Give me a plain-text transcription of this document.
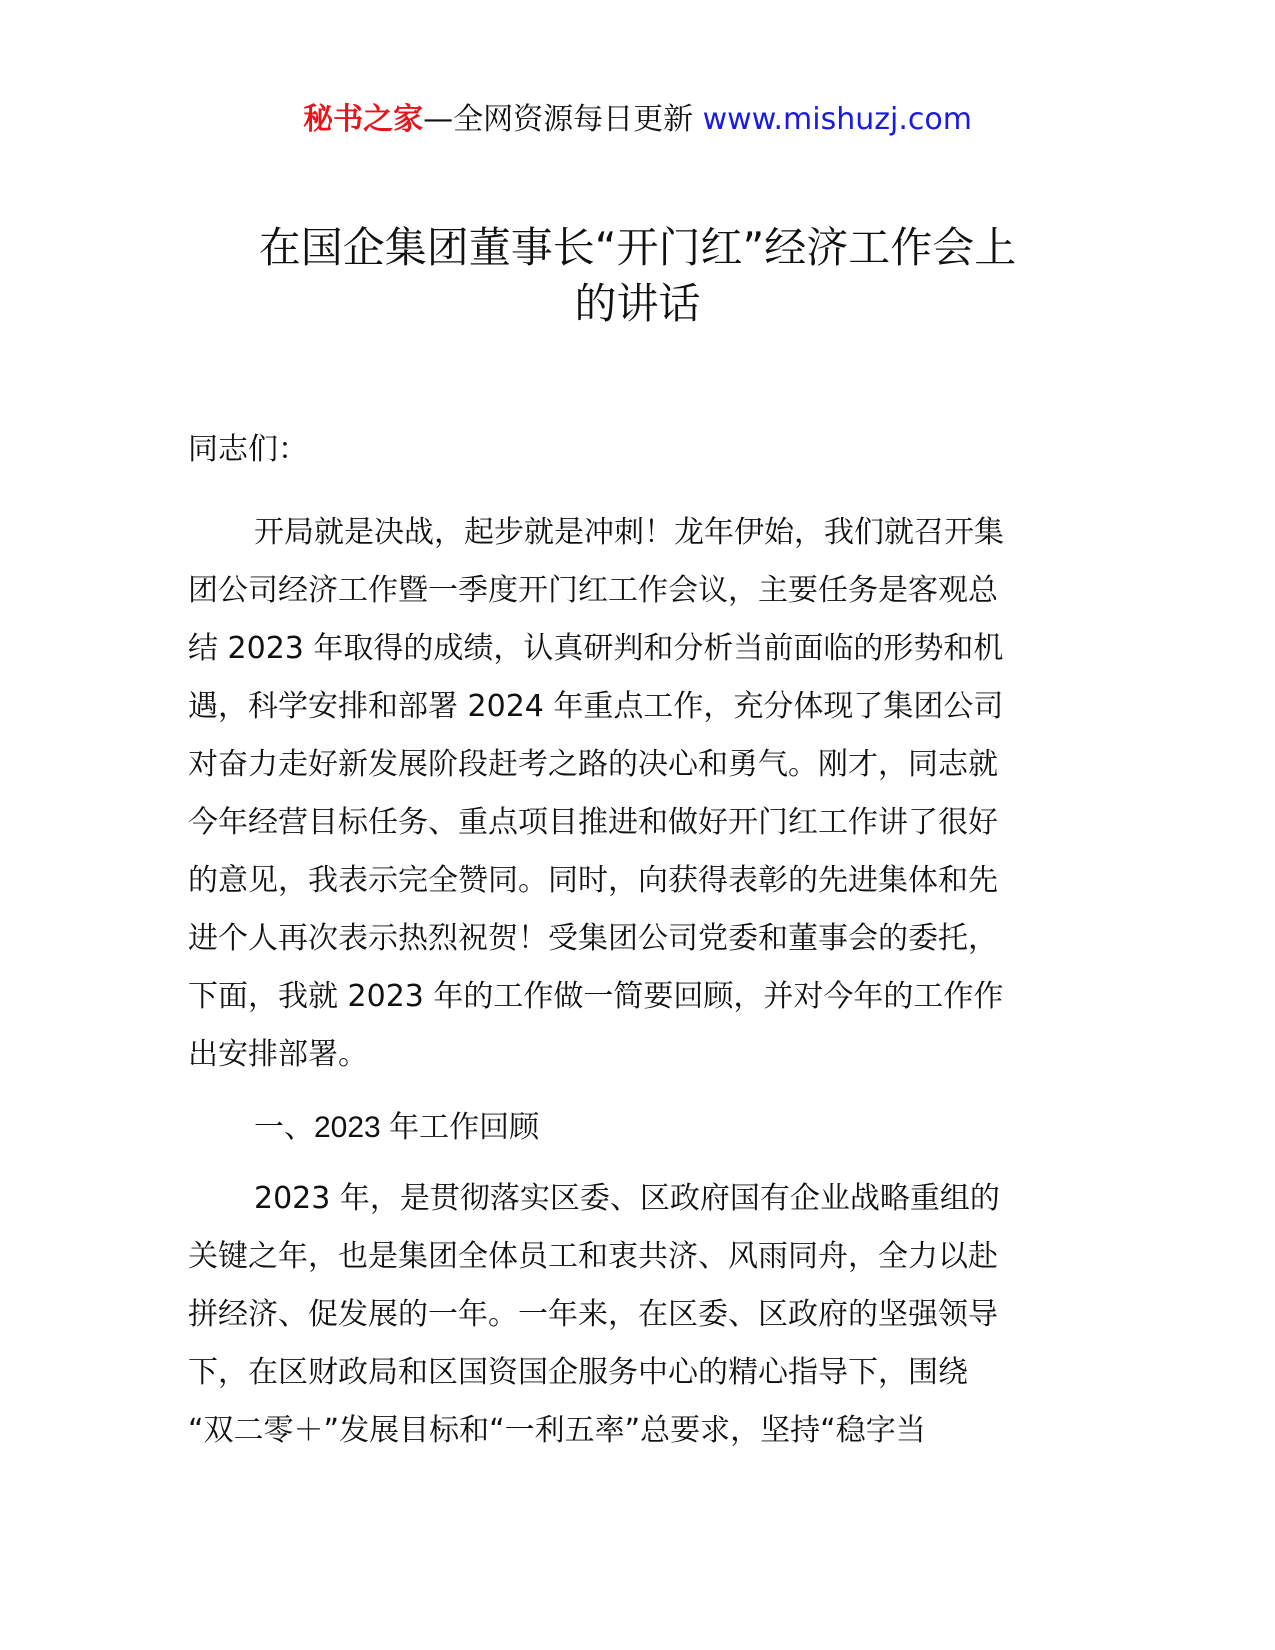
秘书之家—全网资源每日更新 www.mishuzj.com
在国企集团董事长“开门红”经济工作会上
的讲话
同志们：
开局就是决战，起步就是冲刺！龙年伊始，我们就召开集
团公司经济工作暨一季度开门红工作会议，主要任务是客观总
结 2023 年取得的成绩，认真研判和分析当前面临的形势和机
遇，科学安排和部署 2024 年重点工作，充分体现了集团公司
对奋力走好新发展阶段赶考之路的决心和勇气。刚才，同志就
今年经营目标任务、重点项目推进和做好开门红工作讲了很好
的意见，我表示完全赞同。同时，向获得表彰的先进集体和先
进个人再次表示热烈祝贺！受集团公司党委和董事会的委托，
下面，我就 2023 年的工作做一简要回顾，并对今年的工作作
出安排部署。
一、2023 年工作回顾
2023 年，是贯彻落实区委、区政府国有企业战略重组的
关键之年，也是集团全体员工和衷共济、风雨同舟，全力以赴
拼经济、促发展的一年。一年来，在区委、区政府的坚强领导
下，在区财政局和区国资国企服务中心的精心指导下，围绕
“双二零＋”发展目标和“一利五率”总要求，坚持“稳字当
